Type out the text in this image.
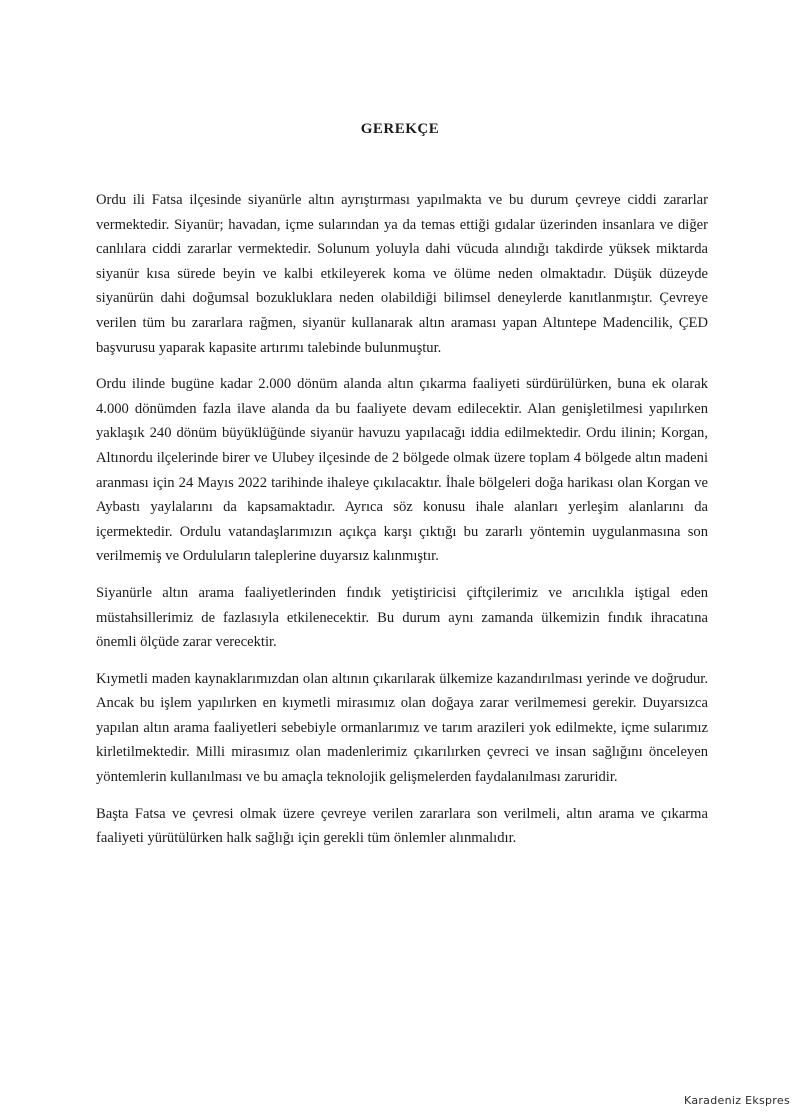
GEREKÇE

Ordu ili Fatsa ilçesinde siyanürle altın ayrıştırması yapılmakta ve bu durum çevreye ciddi zararlar vermektedir. Siyanür; havadan, içme sularından ya da temas ettiği gıdalar üzerinden insanlara ve diğer canlılara ciddi zararlar vermektedir. Solunum yoluyla dahi vücuda alındığı takdirde yüksek miktarda siyanür kısa sürede beyin ve kalbi etkileyerek koma ve ölüme neden olmaktadır. Düşük düzeyde siyanürün dahi doğumsal bozukluklara neden olabildiği bilimsel deneylerde kanıtlanmıştır. Çevreye verilen tüm bu zararlara rağmen, siyanür kullanarak altın araması yapan Altıntepe Madencilik, ÇED başvurusu yaparak kapasite artırımı talebinde bulunmuştur.

Ordu ilinde bugüne kadar 2.000 dönüm alanda altın çıkarma faaliyeti sürdürülürken, buna ek olarak 4.000 dönümden fazla ilave alanda da bu faaliyete devam edilecektir. Alan genişletilmesi yapılırken yaklaşık 240 dönüm büyüklüğünde siyanür havuzu yapılacağı iddia edilmektedir. Ordu ilinin; Korgan, Altınordu ilçelerinde birer ve Ulubey ilçesinde de 2 bölgede olmak üzere toplam 4 bölgede altın madeni aranması için 24 Mayıs 2022 tarihinde ihaleye çıkılacaktır. İhale bölgeleri doğa harikası olan Korgan ve Aybastı yaylalarını da kapsamaktadır. Ayrıca söz konusu ihale alanları yerleşim alanlarını da içermektedir. Ordulu vatandaşlarımızın açıkça karşı çıktığı bu zararlı yöntemin uygulanmasına son verilmemiş ve Orduluların taleplerine duyarsız kalınmıştır.

Siyanürle altın arama faaliyetlerinden fındık yetiştiricisi çiftçilerimiz ve arıcılıkla iştigal eden müstahsillerimiz de fazlasıyla etkilenecektir. Bu durum aynı zamanda ülkemizin fındık ihracatına önemli ölçüde zarar verecektir.

Kıymetli maden kaynaklarımızdan olan altının çıkarılarak ülkemize kazandırılması yerinde ve doğrudur. Ancak bu işlem yapılırken en kıymetli mirasımız olan doğaya zarar verilmemesi gerekir. Duyarsızca yapılan altın arama faaliyetleri sebebiyle ormanlarımız ve tarım arazileri yok edilmekte, içme sularımız kirletilmektedir. Milli mirasımız olan madenlerimiz çıkarılırken çevreci ve insan sağlığını önceleyen yöntemlerin kullanılması ve bu amaçla teknolojik gelişmelerden faydalanılması zaruridir.

Başta Fatsa ve çevresi olmak üzere çevreye verilen zararlara son verilmeli, altın arama ve çıkarma faaliyeti yürütülürken halk sağlığı için gerekli tüm önlemler alınmalıdır.

Karadeniz Ekspres
